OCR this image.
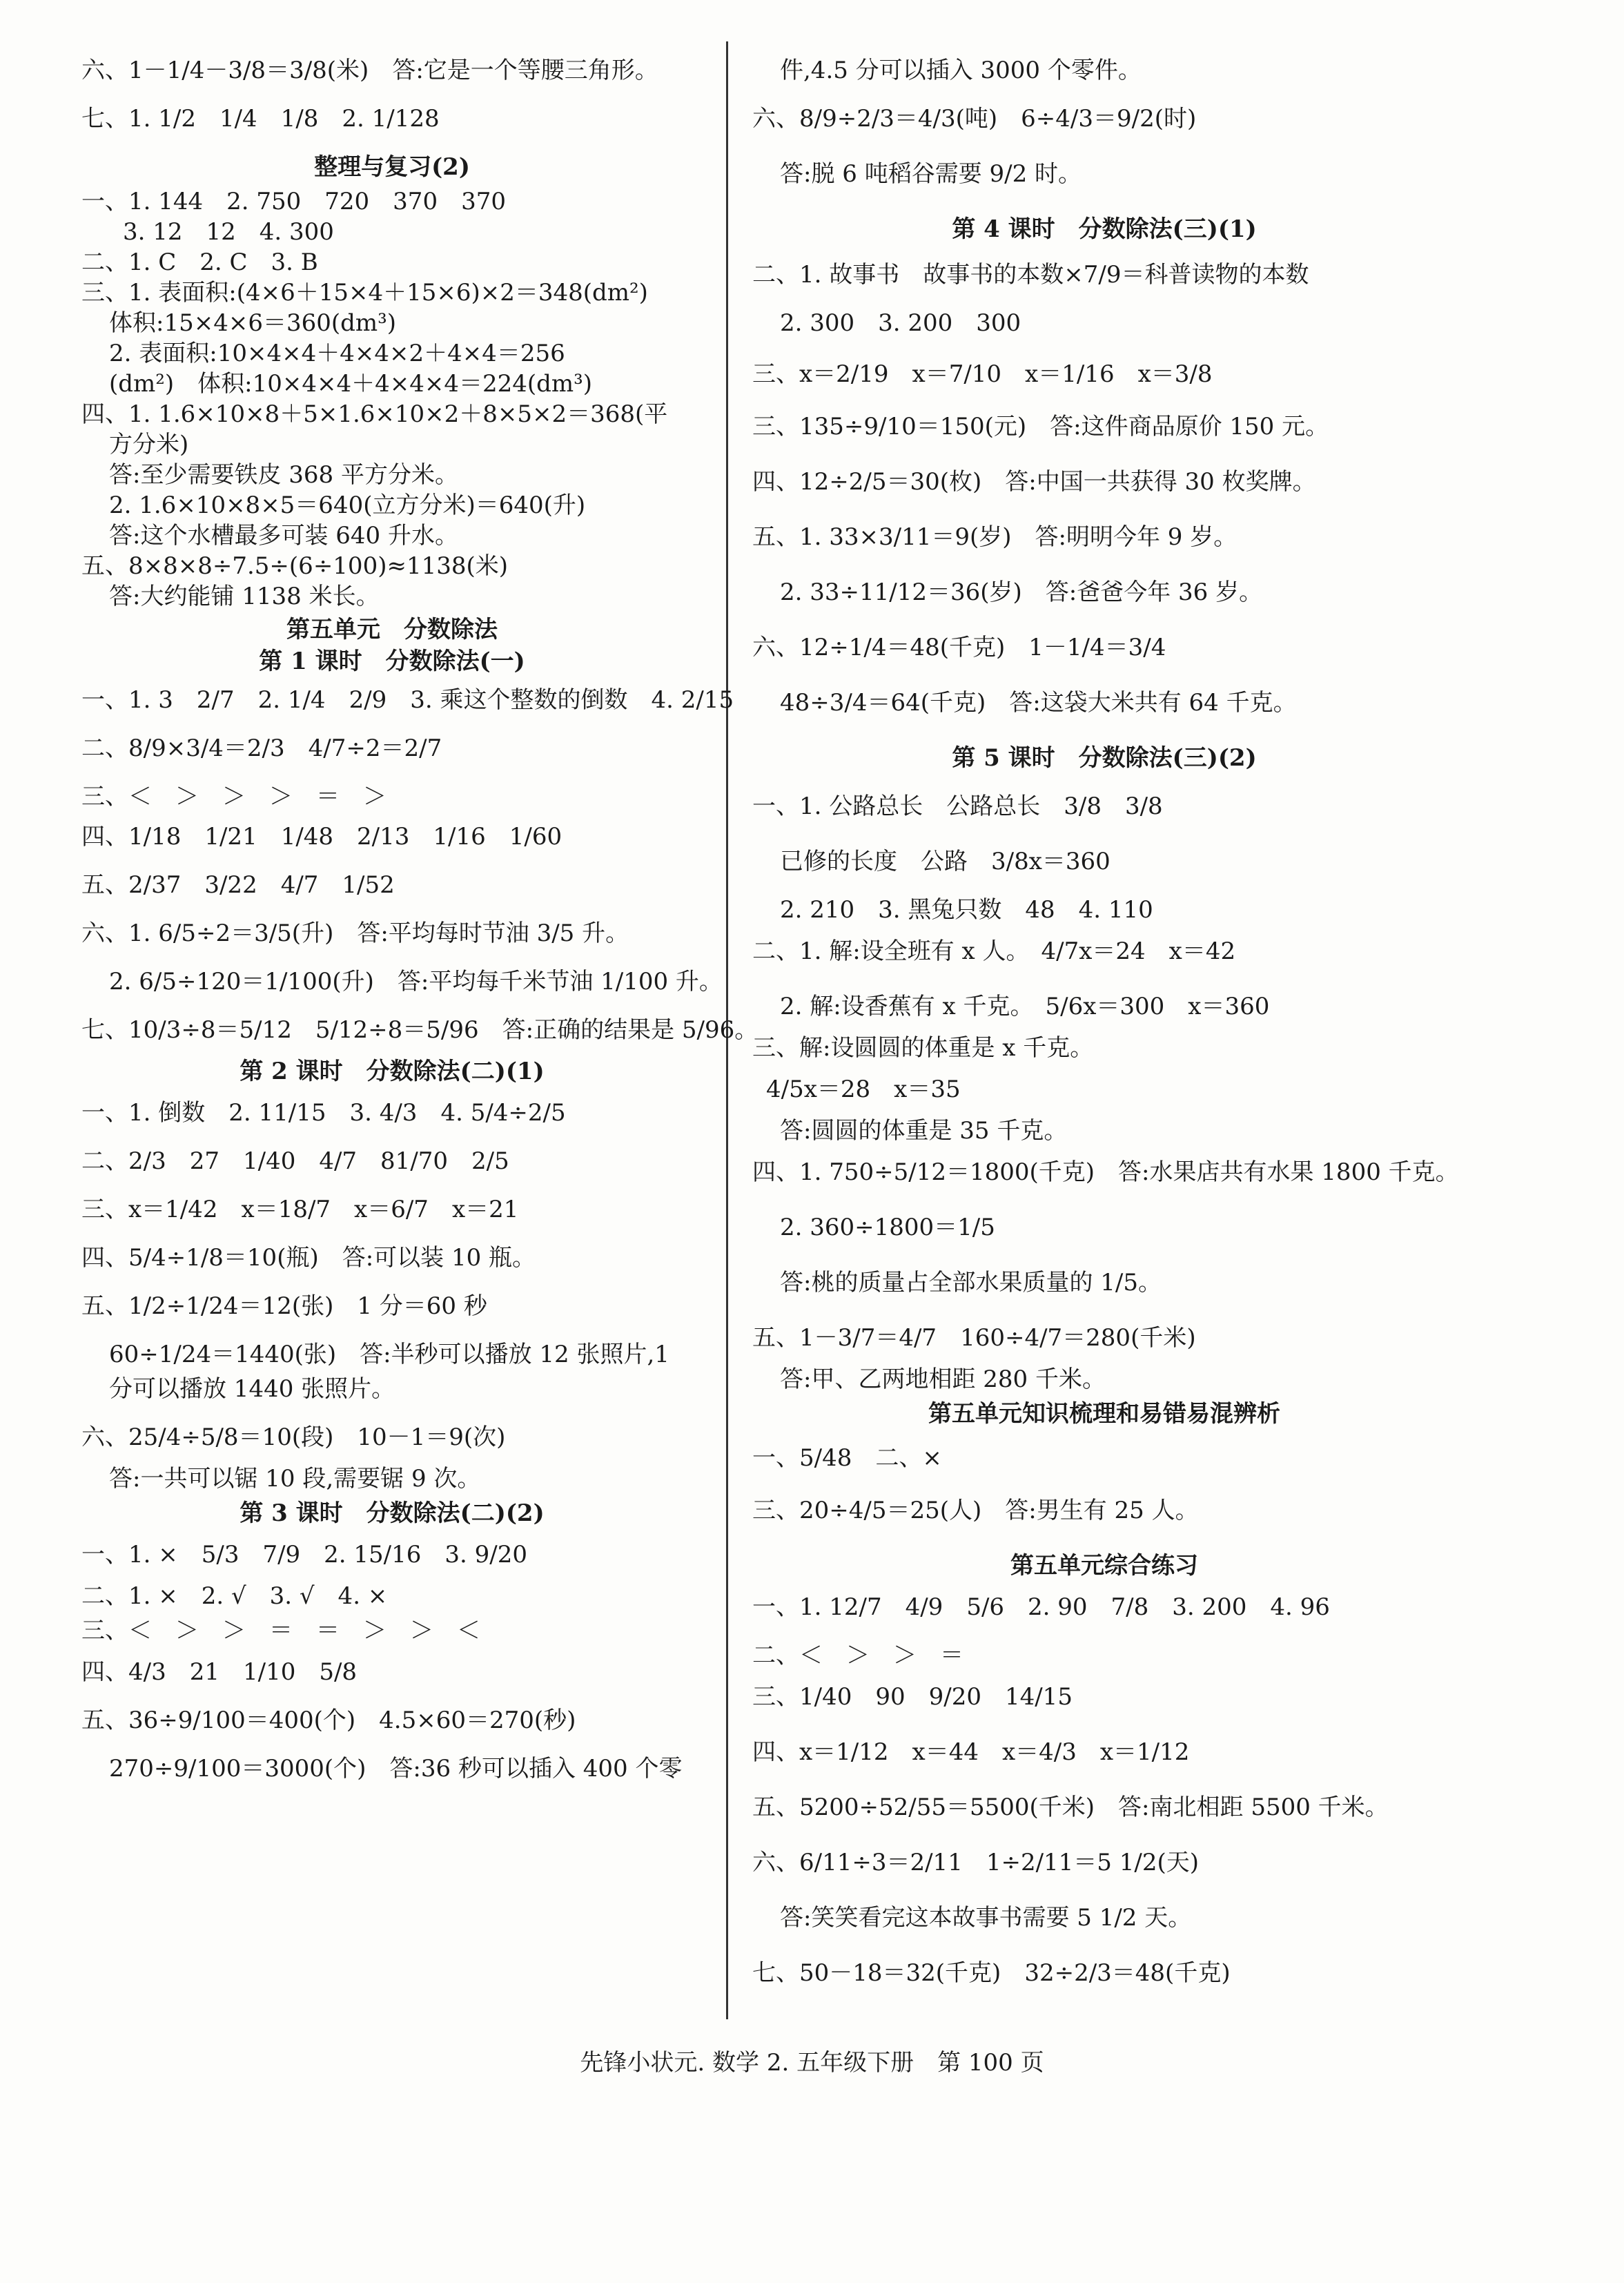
六、1－1/4－3/8＝3/8(米)　答:它是一个等腰三角形。
七、1. 1/2　1/4　1/8　2. 1/128
整理与复习(2)
一、1. 144　2. 750　720　370　370
3. 12　12　4. 300
二、1. C　2. C　3. B
三、1. 表面积:(4×6＋15×4＋15×6)×2＝348(dm²)
体积:15×4×6＝360(dm³)
2. 表面积:10×4×4＋4×4×2＋4×4＝256
(dm²)　体积:10×4×4＋4×4×4＝224(dm³)
四、1. 1.6×10×8＋5×1.6×10×2＋8×5×2＝368(平
方分米)
答:至少需要铁皮 368 平方分米。
2. 1.6×10×8×5＝640(立方分米)＝640(升)
答:这个水槽最多可装 640 升水。
五、8×8×8÷7.5÷(6÷100)≈1138(米)
答:大约能铺 1138 米长。
第五单元　分数除法
第 1 课时　分数除法(一)
一、1. 3　2/7　2. 1/4　2/9　3. 乘这个整数的倒数　4. 2/15
二、8/9×3/4＝2/3　4/7÷2＝2/7
三、＜　＞　＞　＞　＝　＞
四、1/18　1/21　1/48　2/13　1/16　1/60
五、2/37　3/22　4/7　1/52
六、1. 6/5÷2＝3/5(升)　答:平均每时节油 3/5 升。
2. 6/5÷120＝1/100(升)　答:平均每千米节油 1/100 升。
七、10/3÷8＝5/12　5/12÷8＝5/96　答:正确的结果是 5/96。
第 2 课时　分数除法(二)(1)
一、1. 倒数　2. 11/15　3. 4/3　4. 5/4÷2/5
二、2/3　27　1/40　4/7　81/70　2/5
三、x＝1/42　x＝18/7　x＝6/7　x＝21
四、5/4÷1/8＝10(瓶)　答:可以装 10 瓶。
五、1/2÷1/24＝12(张)　1 分＝60 秒
60÷1/24＝1440(张)　答:半秒可以播放 12 张照片,1
分可以播放 1440 张照片。
六、25/4÷5/8＝10(段)　10－1＝9(次)
答:一共可以锯 10 段,需要锯 9 次。
第 3 课时　分数除法(二)(2)
一、1. ×　5/3　7/9　2. 15/16　3. 9/20
二、1. ×　2. √　3. √　4. ×
三、＜　＞　＞　＝　＝　＞　＞　＜
四、4/3　21　1/10　5/8
五、36÷9/100＝400(个)　4.5×60＝270(秒)
270÷9/100＝3000(个)　答:36 秒可以插入 400 个零
件,4.5 分可以插入 3000 个零件。
六、8/9÷2/3＝4/3(吨)　6÷4/3＝9/2(时)
答:脱 6 吨稻谷需要 9/2 时。
第 4 课时　分数除法(三)(1)
二、1. 故事书　故事书的本数×7/9＝科普读物的本数
2. 300　3. 200　300
三、x＝2/19　x＝7/10　x＝1/16　x＝3/8
三、135÷9/10＝150(元)　答:这件商品原价 150 元。
四、12÷2/5＝30(枚)　答:中国一共获得 30 枚奖牌。
五、1. 33×3/11＝9(岁)　答:明明今年 9 岁。
2. 33÷11/12＝36(岁)　答:爸爸今年 36 岁。
六、12÷1/4＝48(千克)　1－1/4＝3/4
48÷3/4＝64(千克)　答:这袋大米共有 64 千克。
第 5 课时　分数除法(三)(2)
一、1. 公路总长　公路总长　3/8　3/8
已修的长度　公路　3/8x＝360
2. 210　3. 黑兔只数　48　4. 110
二、1. 解:设全班有 x 人。　4/7x＝24　x＝42
2. 解:设香蕉有 x 千克。　5/6x＝300　x＝360
三、解:设圆圆的体重是 x 千克。
4/5x＝28　x＝35
答:圆圆的体重是 35 千克。
四、1. 750÷5/12＝1800(千克)　答:水果店共有水果 1800 千克。
2. 360÷1800＝1/5
答:桃的质量占全部水果质量的 1/5。
五、1－3/7＝4/7　160÷4/7＝280(千米)
答:甲、乙两地相距 280 千米。
第五单元知识梳理和易错易混辨析
一、5/48　二、×
三、20÷4/5＝25(人)　答:男生有 25 人。
第五单元综合练习
一、1. 12/7　4/9　5/6　2. 90　7/8　3. 200　4. 96
二、＜　＞　＞　＝
三、1/40　90　9/20　14/15
四、x＝1/12　x＝44　x＝4/3　x＝1/12
五、5200÷52/55＝5500(千米)　答:南北相距 5500 千米。
六、6/11÷3＝2/11　1÷2/11＝5 1/2(天)
答:笑笑看完这本故事书需要 5 1/2 天。
七、50－18＝32(千克)　32÷2/3＝48(千克)
先锋小状元. 数学 2. 五年级下册　第 100 页
